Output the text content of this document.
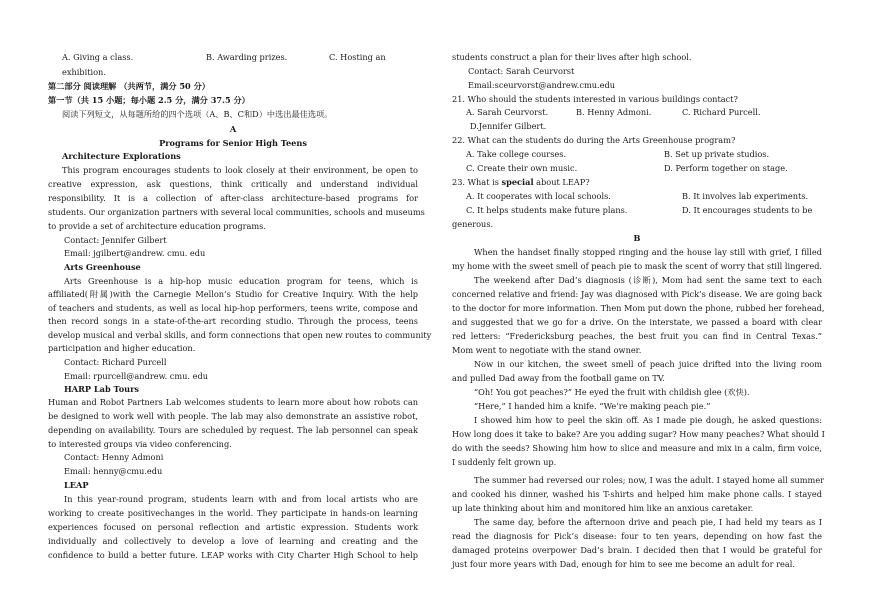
A. Giving a class.	B. Awarding prizes.	C. Hosting an
exhibition.
第二部分 阅读理解 （共两节，满分 50 分）
第一节（共 15 小题；每小题 2.5 分，满分 37.5 分）
阅读下列短文，从每题所给的四个选项（A、B、C和D）中选出最佳选项。
A
Programs for Senior High Teens
Architecture Explorations
This program encourages students to look closely at their environment, be open to
creative expression, ask questions, think critically and understand individual
responsibility. It is a collection of after-class architecture-based programs for
students. Our organization partners with several local communities, schools and museums
to provide a set of architecture education programs.
Contact: Jennifer Gilbert
Email: jgilbert@andrew. cmu. edu
Arts Greenhouse
Arts Greenhouse is a hip-hop music education program for teens, which is
affiliated(附属)with the Carnegie Mellon’s Studio for Creative Inquiry. With the help
of teachers and students, as well as local hip-hop performers, teens write, compose and
then record songs in a state-of-the-art recording studio. Through the process, teens
develop musical and verbal skills, and form connections that open new routes to community
participation and higher education.
Contact: Richard Purcell
Email: rpurcell@andrew. cmu. edu
HARP Lab Tours
Human and Robot Partners Lab welcomes students to learn more about how robots can
be designed to work well with people. The lab may also demonstrate an assistive robot,
depending on availability. Tours are scheduled by request. The lab personnel can speak
to interested groups via video conferencing.
Contact: Henny Admoni
Email: henny@cmu.edu
LEAP
In this year-round program, students learn with and from local artists who are
working to create positivechanges in the world. They participate in hands-on learning
experiences focused on personal reflection and artistic expression. Students work
individually and collectively to develop a love of learning and creating and the
confidence to build a better future. LEAP works with City Charter High School to help
students construct a plan for their lives after high school.
Contact: Sarah Ceurvorst
Email:sceurvorst@andrew.cmu.edu
21. Who should the students interested in various buildings contact?
A. Sarah Ceurvorst.	B. Henny Admoni.	C. Richard Purcell.
D.Jennifer Gilbert.
22. What can the students do during the Arts Greenhouse program?
A. Take college courses.	B. Set up private studios.
C. Create their own music.	D. Perform together on stage.
23. What is special about LEAP?
A. It cooperates with local schools.	B. It involves lab experiments.
C. It helps students make future plans.	D. It encourages students to be
generous.
B
When the handset finally stopped ringing and the house lay still with grief, I filled
my home with the sweet smell of peach pie to mask the scent of worry that still lingered.
The weekend after Dad’s diagnosis (诊断), Mom had sent the same text to each
concerned relative and friend: Jay was diagnosed with Pick’s disease. We are going back
to the doctor for more information. Then Mom put down the phone, rubbed her forehead,
and suggested that we go for a drive. On the interstate, we passed a board with clear
red letters: “Fredericksburg peaches, the best fruit you can find in Central Texas.”
Mom went to negotiate with the stand owner.
Now in our kitchen, the sweet smell of peach juice drifted into the living room
and pulled Dad away from the football game on TV.
“Oh! You got peaches?” He eyed the fruit with childish glee (欢快).
“Here,” I handed him a knife. “We’re making peach pie.”
I showed him how to peel the skin off. As I made pie dough, he asked questions:
How long does it take to bake? Are you adding sugar? How many peaches? What should I
do with the seeds? Showing him how to slice and measure and mix in a calm, firm voice,
I suddenly felt grown up.
The summer had reversed our roles; now, I was the adult. I stayed home all summer
and cooked his dinner, washed his T-shirts and helped him make phone calls. I stayed
up late thinking about him and monitored him like an anxious caretaker.
The same day, before the afternoon drive and peach pie, I had held my tears as I
read the diagnosis for Pick’s disease: four to ten years, depending on how fast the
damaged proteins overpower Dad’s brain. I decided then that I would be grateful for
just four more years with Dad, enough for him to see me become an adult for real.
